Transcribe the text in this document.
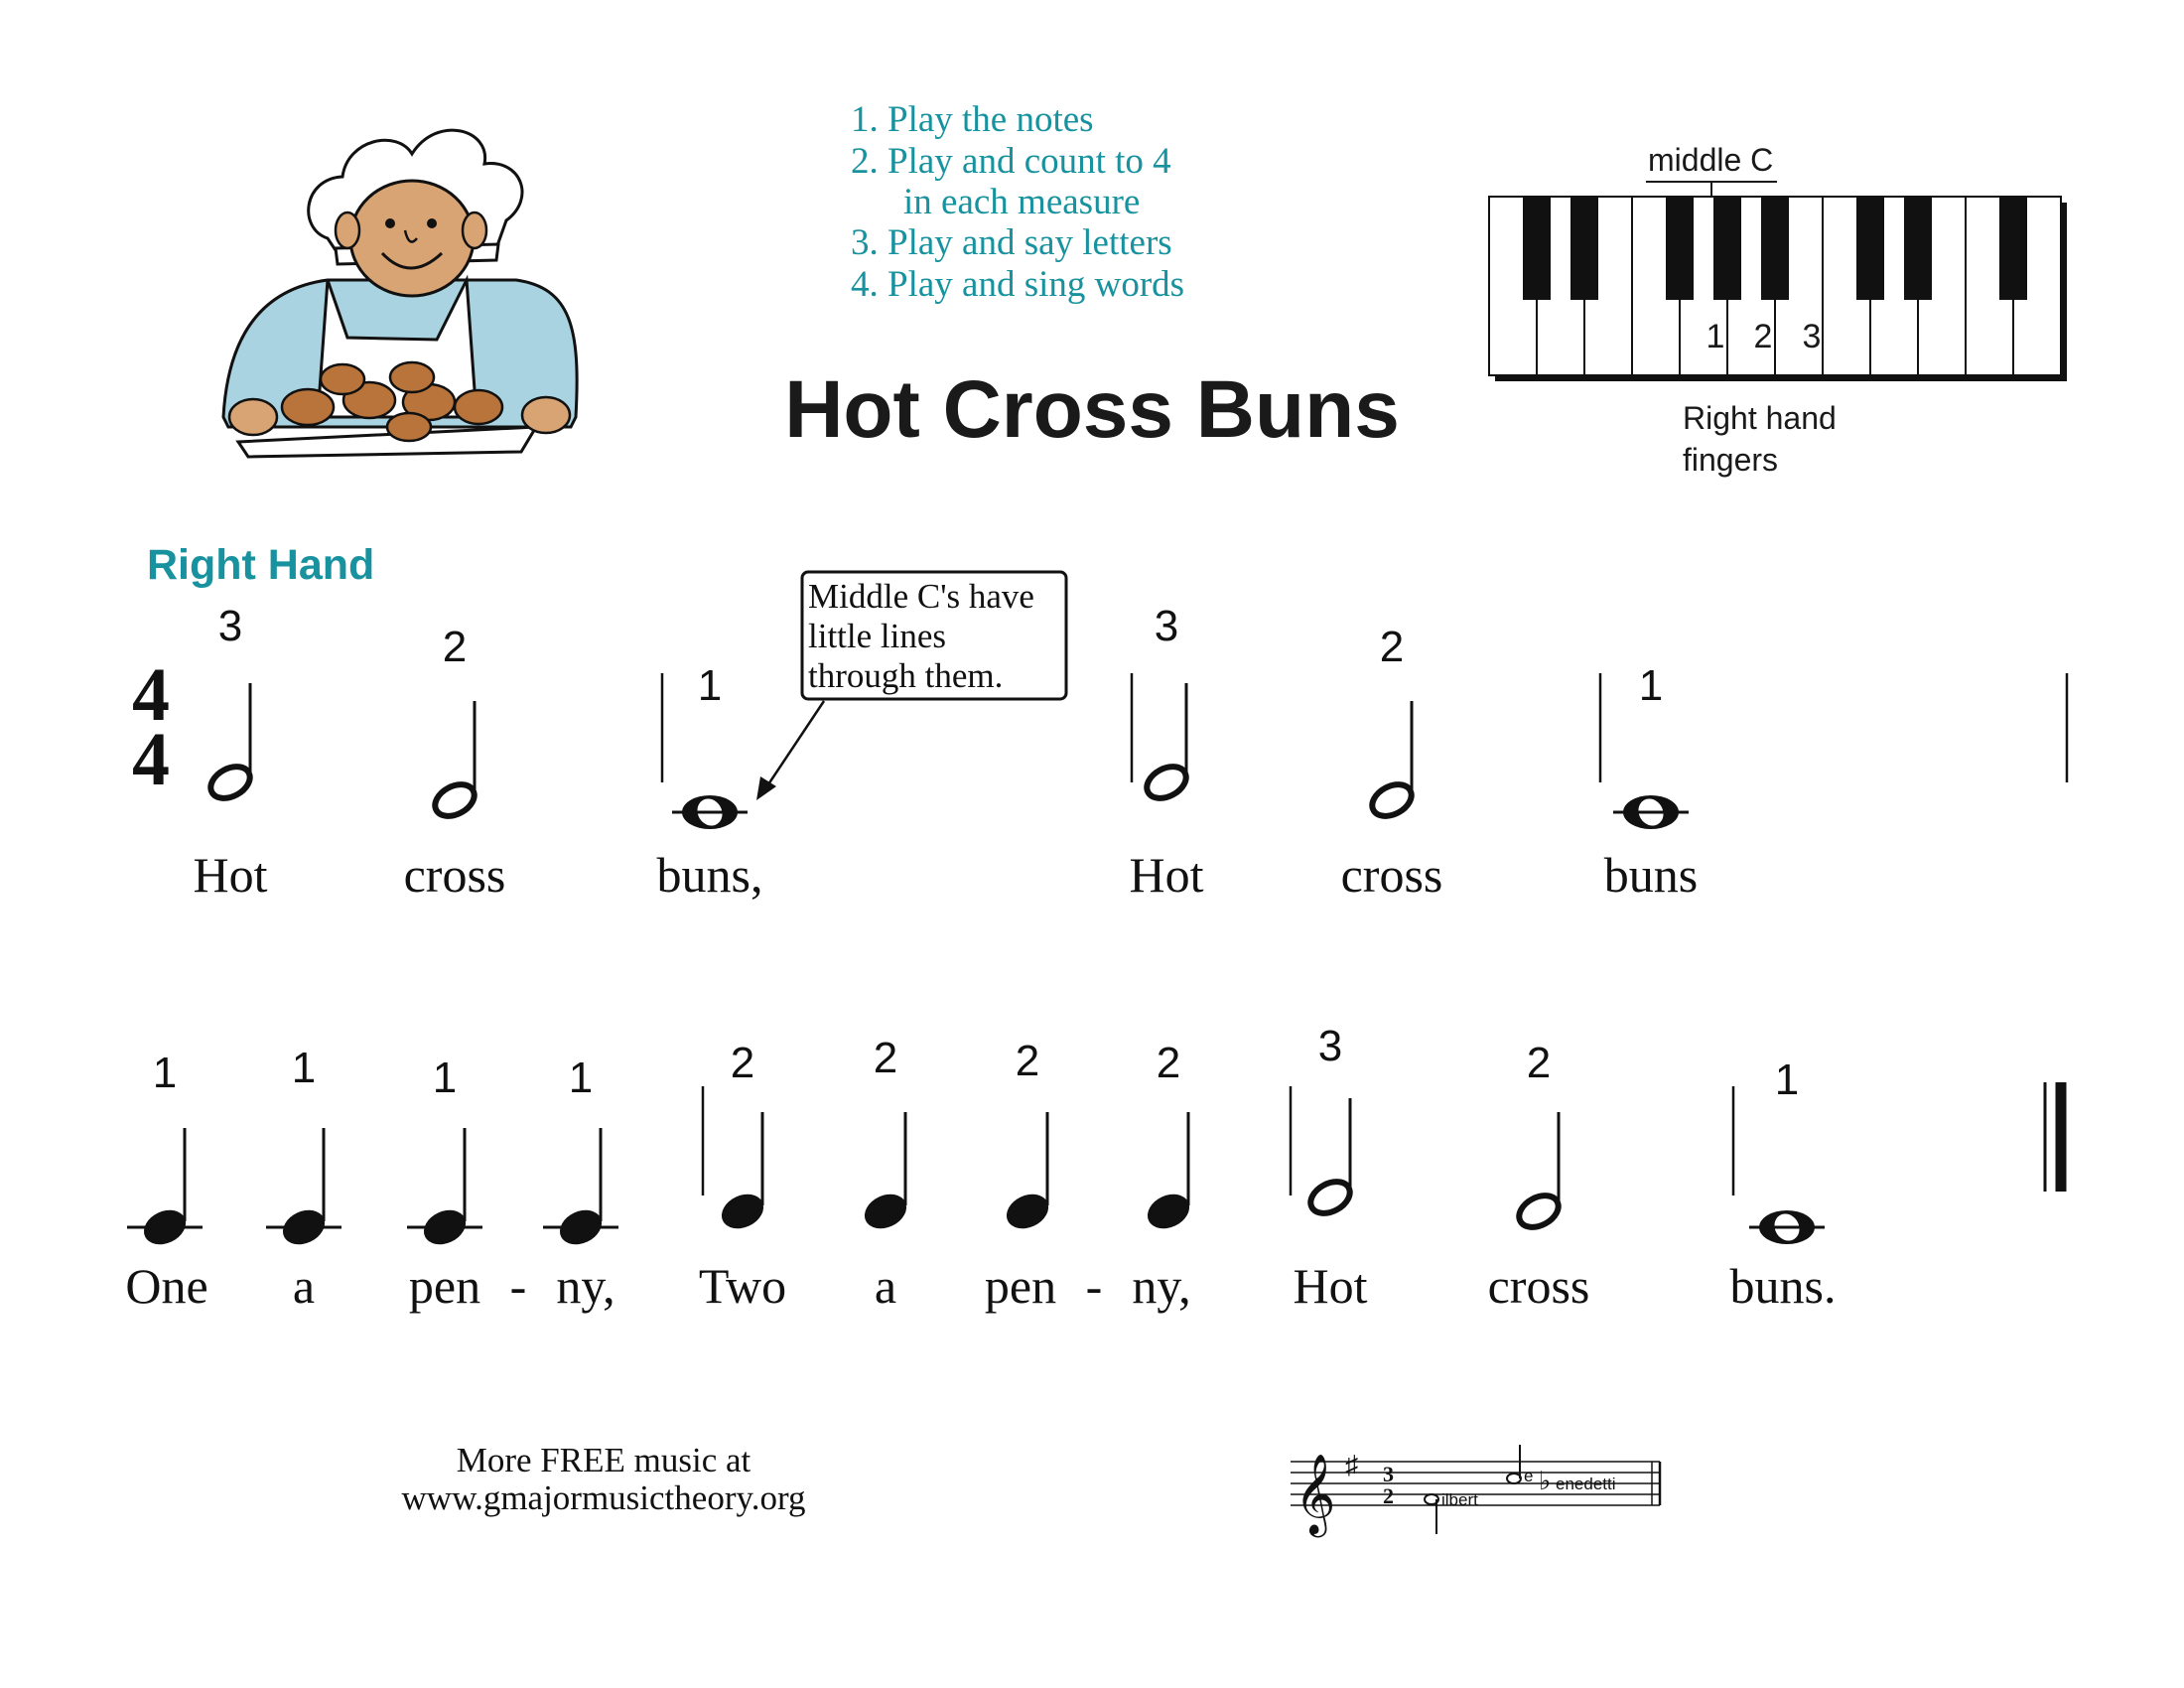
1. Play the notes
2. Play and count to 4
in each measure
3. Play and say letters
4. Play and sing words
Hot Cross Buns
middle C
1 2 3
Right hand
fingers
Right Hand
4
4
Middle C's have
little lines
through them.
3	2
1
3	2
1
Hot	cross	buns,	Hot	cross	buns
1	1	1	1	2	2	2	2	3	2	1
One a pen - ny, Two a pen - ny, Hot cross	buns.
More FREE music at
www.gmajormusictheory.org	𝄞 ♯ 3
2	ilbert
e ♭ enedetti
